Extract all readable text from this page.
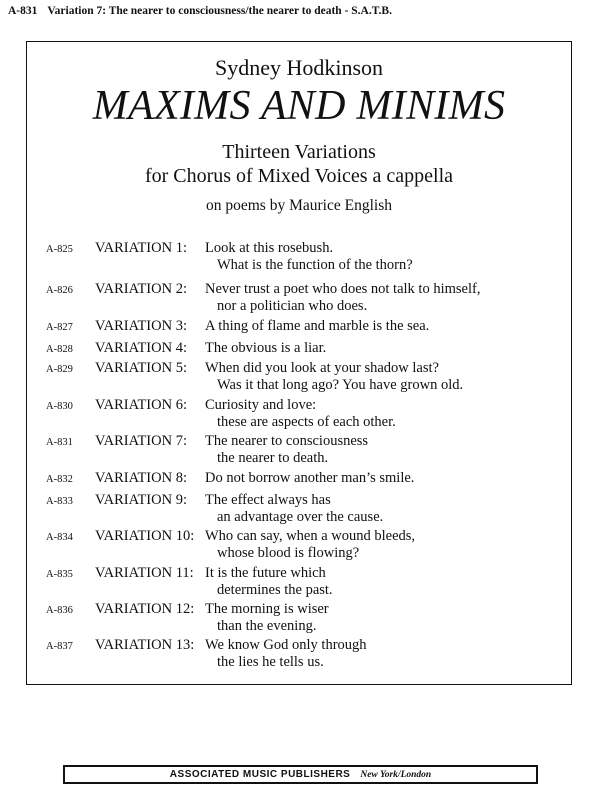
A-831 Variation 7: The nearer to consciousness/the nearer to death - S.A.T.B.
Sydney Hodkinson
MAXIMS AND MINIMS
Thirteen Variations
for Chorus of Mixed Voices a cappella
on poems by Maurice English
A-825 VARIATION 1: Look at this rosebush.
What is the function of the thorn?
A-826 VARIATION 2: Never trust a poet who does not talk to himself,
nor a politician who does.
A-827 VARIATION 3: A thing of flame and marble is the sea.
A-828 VARIATION 4: The obvious is a liar.
A-829 VARIATION 5: When did you look at your shadow last?
Was it that long ago? You have grown old.
A-830 VARIATION 6: Curiosity and love:
these are aspects of each other.
A-831 VARIATION 7: The nearer to consciousness
the nearer to death.
A-832 VARIATION 8: Do not borrow another man’s smile.
A-833 VARIATION 9: The effect always has
an advantage over the cause.
A-834 VARIATION 10: Who can say, when a wound bleeds,
whose blood is flowing?
A-835 VARIATION 11: It is the future which
determines the past.
A-836 VARIATION 12: The morning is wiser
than the evening.
A-837 VARIATION 13: We know God only through
the lies he tells us.
ASSOCIATED MUSIC PUBLISHERS New York/London
